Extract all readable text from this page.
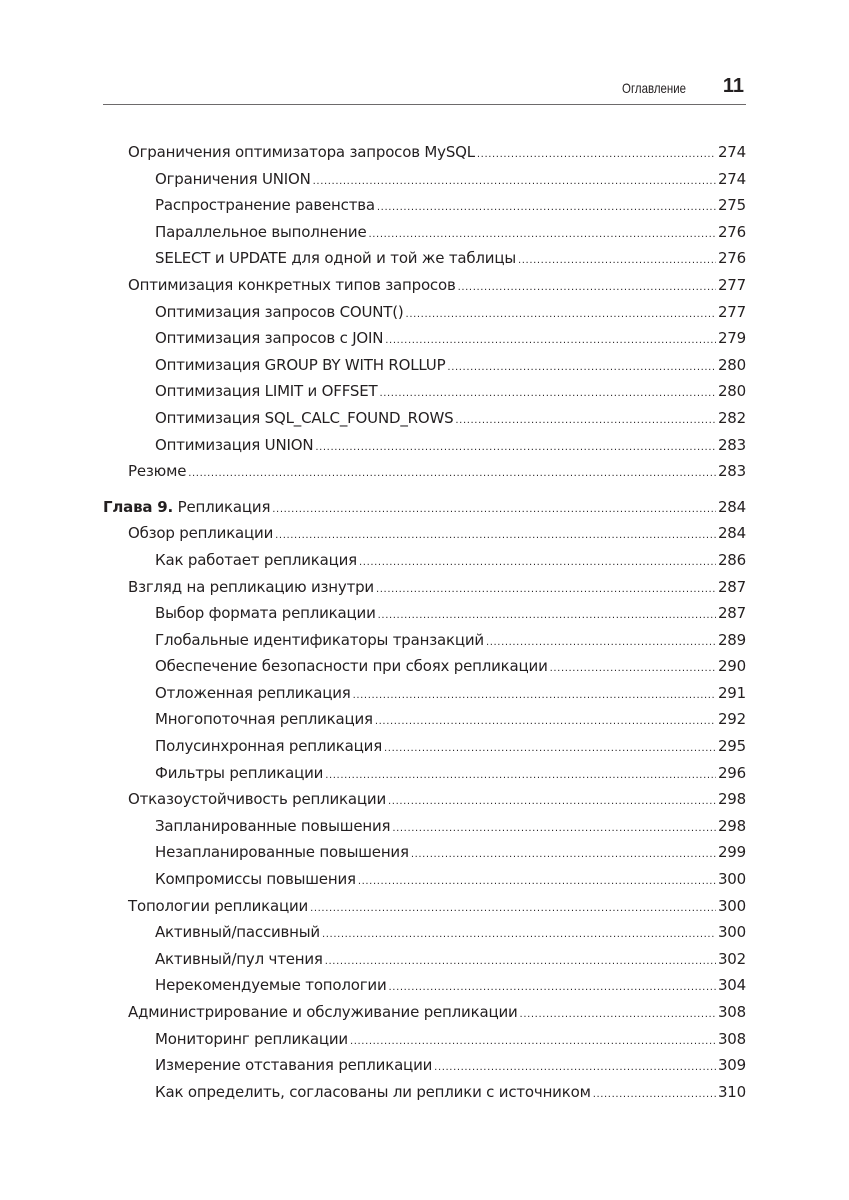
Оглавление 11
Ограничения оптимизатора запросов MySQL .....	274
Ограничения UNION .....	274
Распространение равенства .....	275
Параллельное выполнение .....	276
SELECT и UPDATE для одной и той же таблицы .....	276
Оптимизация конкретных типов запросов .....	277
Оптимизация запросов COUNT() .....	277
Оптимизация запросов с JOIN .....	279
Оптимизация GROUP BY WITH ROLLUP .....	280
Оптимизация LIMIT и OFFSET .....	280
Оптимизация SQL_CALC_FOUND_ROWS .....	282
Оптимизация UNION .....	283
Резюме .....	283
Глава 9. Репликация .....	284
Обзор репликации .....	284
Как работает репликация .....	286
Взгляд на репликацию изнутри .....	287
Выбор формата репликации .....	287
Глобальные идентификаторы транзакций .....	289
Обеспечение безопасности при сбоях репликации .....	290
Отложенная репликация .....	291
Многопоточная репликация .....	292
Полусинхронная репликация .....	295
Фильтры репликации .....	296
Отказоустойчивость репликации .....	298
Запланированные повышения .....	298
Незапланированные повышения .....	299
Компромиссы повышения .....	300
Топологии репликации .....	300
Активный/пассивный .....	300
Активный/пул чтения .....	302
Нерекомендуемые топологии .....	304
Администрирование и обслуживание репликации .....	308
Мониторинг репликации .....	308
Измерение отставания репликации .....	309
Как определить, согласованы ли реплики с источником .....	310
